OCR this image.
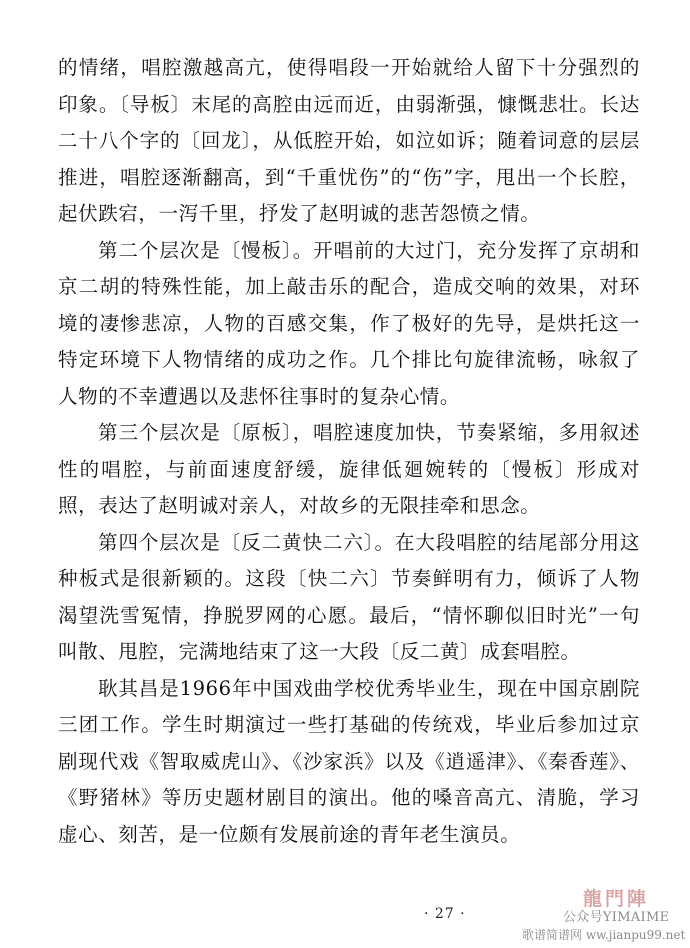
的情绪，唱腔激越高亢，使得唱段一开始就给人留下十分强烈的印象。〔导板〕末尾的高腔由远而近，由弱渐强，慷慨悲壮。长达二十八个字的〔回龙〕，从低腔开始，如泣如诉；随着词意的层层推进，唱腔逐渐翻高，到“千重忧伤”的“伤”字，甩出一个长腔，起伏跌宕，一泻千里，抒发了赵明诚的悲苦怨愤之情。

第二个层次是〔慢板〕。开唱前的大过门，充分发挥了京胡和京二胡的特殊性能，加上敲击乐的配合，造成交响的效果，对环境的凄惨悲凉，人物的百感交集，作了极好的先导，是烘托这一特定环境下人物情绪的成功之作。几个排比句旋律流畅，咏叙了人物的不幸遭遇以及悲怀往事时的复杂心情。

第三个层次是〔原板〕，唱腔速度加快，节奏紧缩，多用叙述性的唱腔，与前面速度舒缓，旋律低廻婉转的〔慢板〕形成对照，表达了赵明诚对亲人，对故乡的无限挂牵和思念。

第四个层次是〔反二黄快二六〕。在大段唱腔的结尾部分用这种板式是很新颖的。这段〔快二六〕节奏鲜明有力，倾诉了人物渴望洗雪冤情，挣脱罗网的心愿。最后，“情怀聊似旧时光”一句叫散、甩腔，完满地结束了这一大段〔反二黄〕成套唱腔。

耿其昌是1966年中国戏曲学校优秀毕业生，现在中国京剧院三团工作。学生时期演过一些打基础的传统戏，毕业后参加过京剧现代戏《智取威虎山》、《沙家浜》以及《逍遥津》、《秦香莲》、《野猪林》等历史题材剧目的演出。他的嗓音高亢、清脆，学习虚心、刻苦，是一位颇有发展前途的青年老生演员。

· 27 ·
龍門陣
公众号YIMAIME
歌谱简谱网 ww.jianpu99.net
